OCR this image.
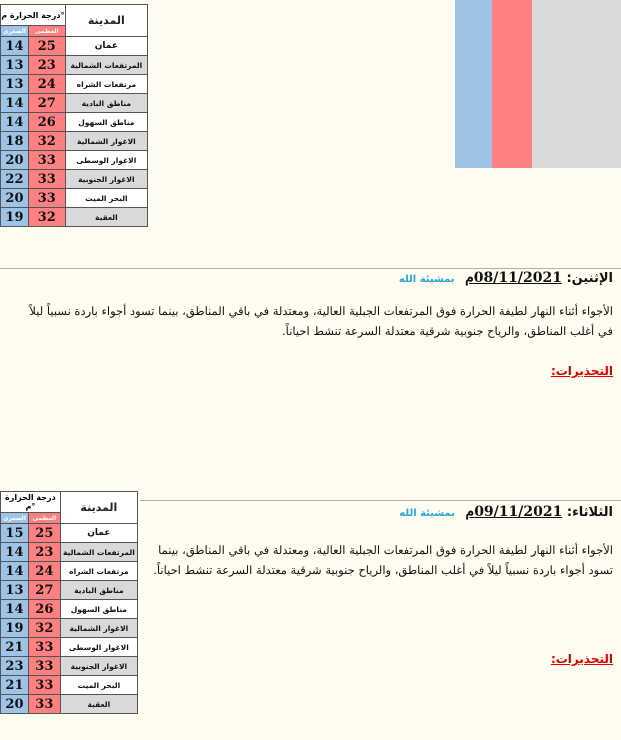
درجة الحرارة م°		المدينة
الصغرى	العظمى	
14	25	عمان
13	23	المرتفعات الشمالية
13	24	مرتفعات الشراه
14	27	مناطق البادية
14	26	مناطق السهول
18	32	الاغوار الشمالية
20	33	الاغوار الوسطى
22	33	الاغوار الجنوبية
20	33	البحر الميت
19	32	العقبة
الإثنين: 08/11/2021م بمشيئة الله
الأجواء أثناء النهار لطيفة الحرارة فوق المرتفعات الجبلية العالية، ومعتدلة في باقي المناطق، بينما تسود أجواء باردة نسبياً ليلاً في أغلب المناطق، والرياح جنوبية شرقية معتدلة السرعة تنشط احياناً.
التحذيرات:
درجة الحرارة م°		المدينة
الصغرى	العظمى	
15	25	عمان
14	23	المرتفعات الشمالية
14	24	مرتفعات الشراه
13	27	مناطق البادية
14	26	مناطق السهول
19	32	الاغوار الشمالية
21	33	الاغوار الوسطى
23	33	الاغوار الجنوبية
21	33	البحر الميت
20	33	العقبة
الثلاثاء: 09/11/2021م بمشيئة الله
الأجواء أثناء النهار لطيفة الحرارة فوق المرتفعات الجبلية العالية، ومعتدلة في باقي المناطق، بينما تسود أجواء باردة نسبياً ليلاً في أغلب المناطق، والرياح جنوبية شرقية معتدلة السرعة تنشط احياناً.
التحذيرات:
